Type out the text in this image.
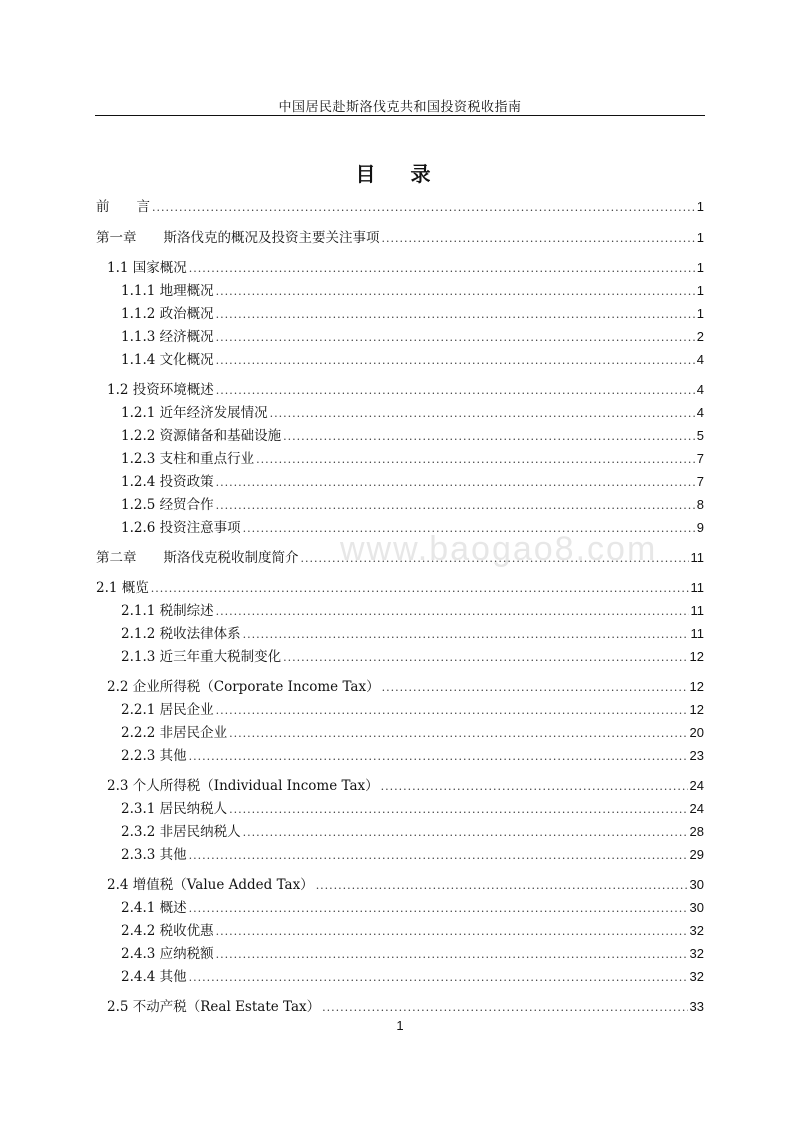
中国居民赴斯洛伐克共和国投资税收指南
目 录
前　　言 .....	1
第一章　　斯洛伐克的概况及投资主要关注事项 .....	1
1.1 国家概况 .....	1
1.1.1 地理概况 .....	1
1.1.2 政治概况 .....	1
1.1.3 经济概况 .....	2
1.1.4 文化概况 .....	4
1.2 投资环境概述 .....	4
1.2.1 近年经济发展情况 .....	4
1.2.2 资源储备和基础设施 .....	5
1.2.3 支柱和重点行业 .....	7
1.2.4 投资政策 .....	7
1.2.5 经贸合作 .....	8
1.2.6 投资注意事项 .....	9
第二章　　斯洛伐克税收制度简介 .....	11
2.1 概览 .....	11
2.1.1 税制综述 .....	11
2.1.2 税收法律体系 .....	11
2.1.3 近三年重大税制变化 .....	12
2.2 企业所得税（Corporate Income Tax） .....	12
2.2.1 居民企业 .....	12
2.2.2 非居民企业 .....	20
2.2.3 其他 .....	23
2.3 个人所得税（Individual Income Tax） .....	24
2.3.1 居民纳税人 .....	24
2.3.2 非居民纳税人 .....	28
2.3.3 其他 .....	29
2.4 增值税（Value Added Tax） .....	30
2.4.1 概述 .....	30
2.4.2 税收优惠 .....	32
2.4.3 应纳税额 .....	32
2.4.4 其他 .....	32
2.5 不动产税（Real Estate Tax） .....	33
www.baogao8.com
1
